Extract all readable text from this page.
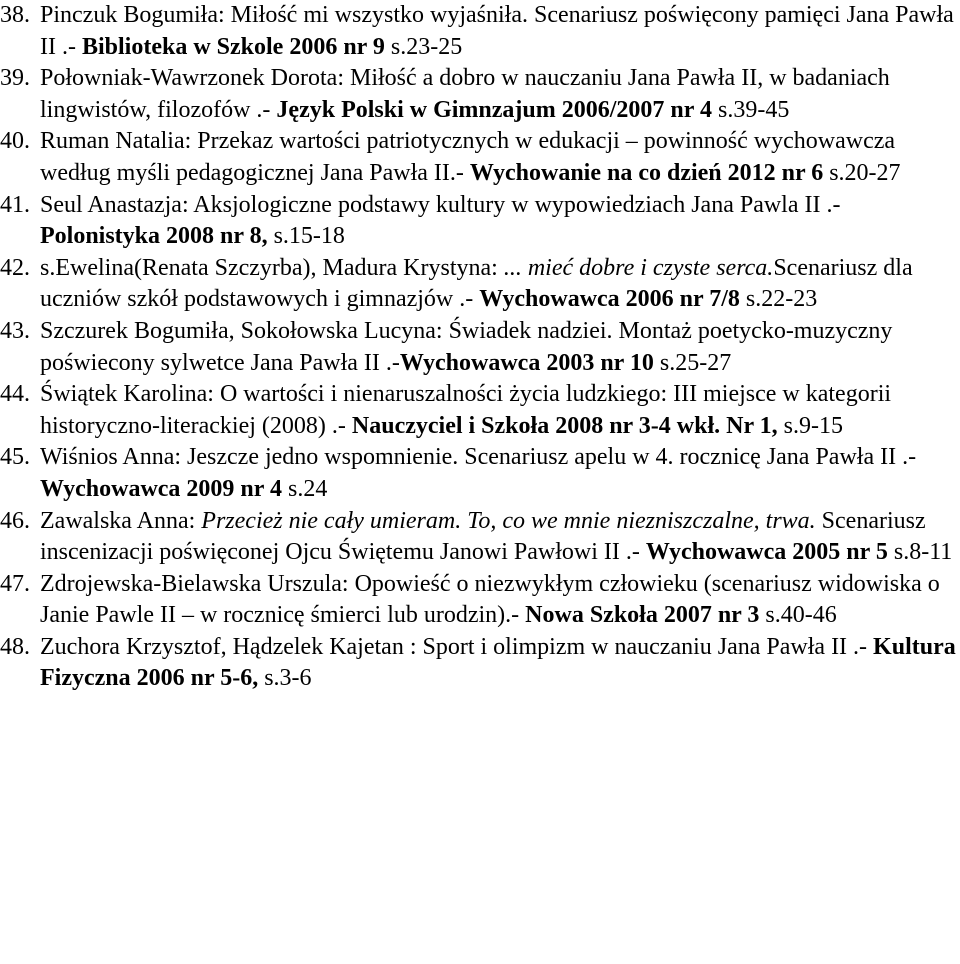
38. Pinczuk Bogumiła: Miłość mi wszystko wyjaśniła. Scenariusz poświęcony pamięci Jana Pawła II .- Biblioteka w Szkole 2006 nr 9 s.23-25
39. Połowniak-Wawrzonek Dorota: Miłość a dobro w nauczaniu Jana Pawła II, w badaniach lingwistów, filozofów .- Język Polski w Gimnzajum 2006/2007 nr 4 s.39-45
40. Ruman Natalia: Przekaz wartości patriotycznych w edukacji – powinność wychowawcza według myśli pedagogicznej Jana Pawła II.- Wychowanie na co dzień 2012 nr 6 s.20-27
41. Seul Anastazja: Aksjologiczne podstawy kultury w wypowiedziach Jana Pawla II .- Polonistyka 2008 nr 8, s.15-18
42. s.Ewelina(Renata Szczyrba), Madura Krystyna: ... mieć dobre i czyste serca.Scenariusz dla uczniów szkół podstawowych i gimnazjów .- Wychowawca 2006 nr 7/8 s.22-23
43. Szczurek Bogumiła, Sokołowska Lucyna: Świadek nadziei. Montaż poetycko-muzyczny poświecony sylwetce Jana Pawła II .-Wychowawca 2003 nr 10 s.25-27
44. Świątek Karolina: O wartości i nienaruszalności życia ludzkiego: III miejsce w kategorii historyczno-literackiej (2008) .- Nauczyciel i Szkoła 2008 nr 3-4 wkł. Nr 1, s.9-15
45. Wiśnios Anna: Jeszcze jedno wspomnienie. Scenariusz apelu w 4. rocznicę Jana Pawła II .- Wychowawca 2009 nr 4 s.24
46. Zawalska Anna: Przecież nie cały umieram. To, co we mnie niezniszczalne, trwa. Scenariusz inscenizacji poświęconej Ojcu Świętemu Janowi Pawłowi II .- Wychowawca 2005 nr 5 s.8-11
47. Zdrojewska-Bielawska Urszula: Opowieść o niezwykłym człowieku (scenariusz widowiska o Janie Pawle II – w rocznicę śmierci lub urodzin).- Nowa Szkoła 2007 nr 3 s.40-46
48. Zuchora Krzysztof, Hądzelek Kajetan : Sport i olimpizm w nauczaniu Jana Pawła II .- Kultura Fizyczna 2006 nr 5-6, s.3-6
